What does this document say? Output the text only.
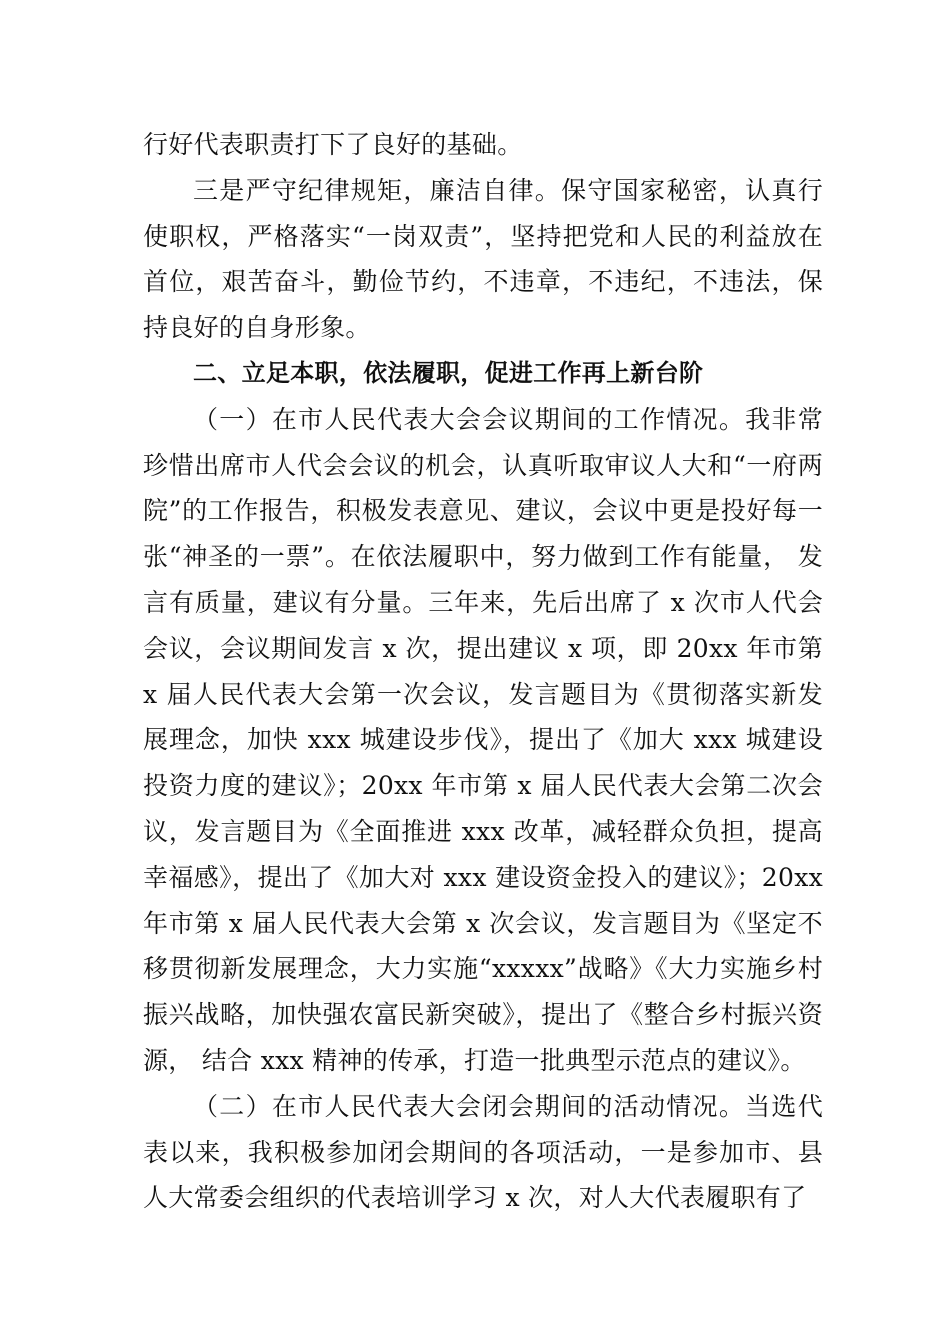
行好代表职责打下了良好的基础。

三是严守纪律规矩，廉洁自律。保守国家秘密，认真行使职权，严格落实“一岗双责”，坚持把党和人民的利益放在首位，艰苦奋斗，勤俭节约，不违章，不违纪，不违法，保持良好的自身形象。

二、立足本职，依法履职，促进工作再上新台阶

（一）在市人民代表大会会议期间的工作情况。我非常珍惜出席市人代会会议的机会，认真听取审议人大和“一府两院”的工作报告，积极发表意见、建议，会议中更是投好每一张“神圣的一票”。在依法履职中，努力做到工作有能量， 发言有质量，建议有分量。三年来，先后出席了 x 次市人代会会议，会议期间发言 x 次，提出建议 x 项，即 20xx 年市第 x 届人民代表大会第一次会议，发言题目为《贯彻落实新发展理念，加快 xxx 城建设步伐》，提出了《加大 xxx 城建设投资力度的建议》；20xx 年市第 x 届人民代表大会第二次会议，发言题目为《全面推进 xxx 改革，减轻群众负担，提高幸福感》，提出了《加大对 xxx 建设资金投入的建议》；20xx 年市第 x 届人民代表大会第 x 次会议，发言题目为《坚定不移贯彻新发展理念，大力实施“xxxxx”战略》《大力实施乡村振兴战略，加快强农富民新突破》，提出了《整合乡村振兴资源， 结合 xxx 精神的传承，打造一批典型示范点的建议》。

（二）在市人民代表大会闭会期间的活动情况。当选代表以来，我积极参加闭会期间的各项活动，一是参加市、县人大常委会组织的代表培训学习 x 次，对人大代表履职有了
